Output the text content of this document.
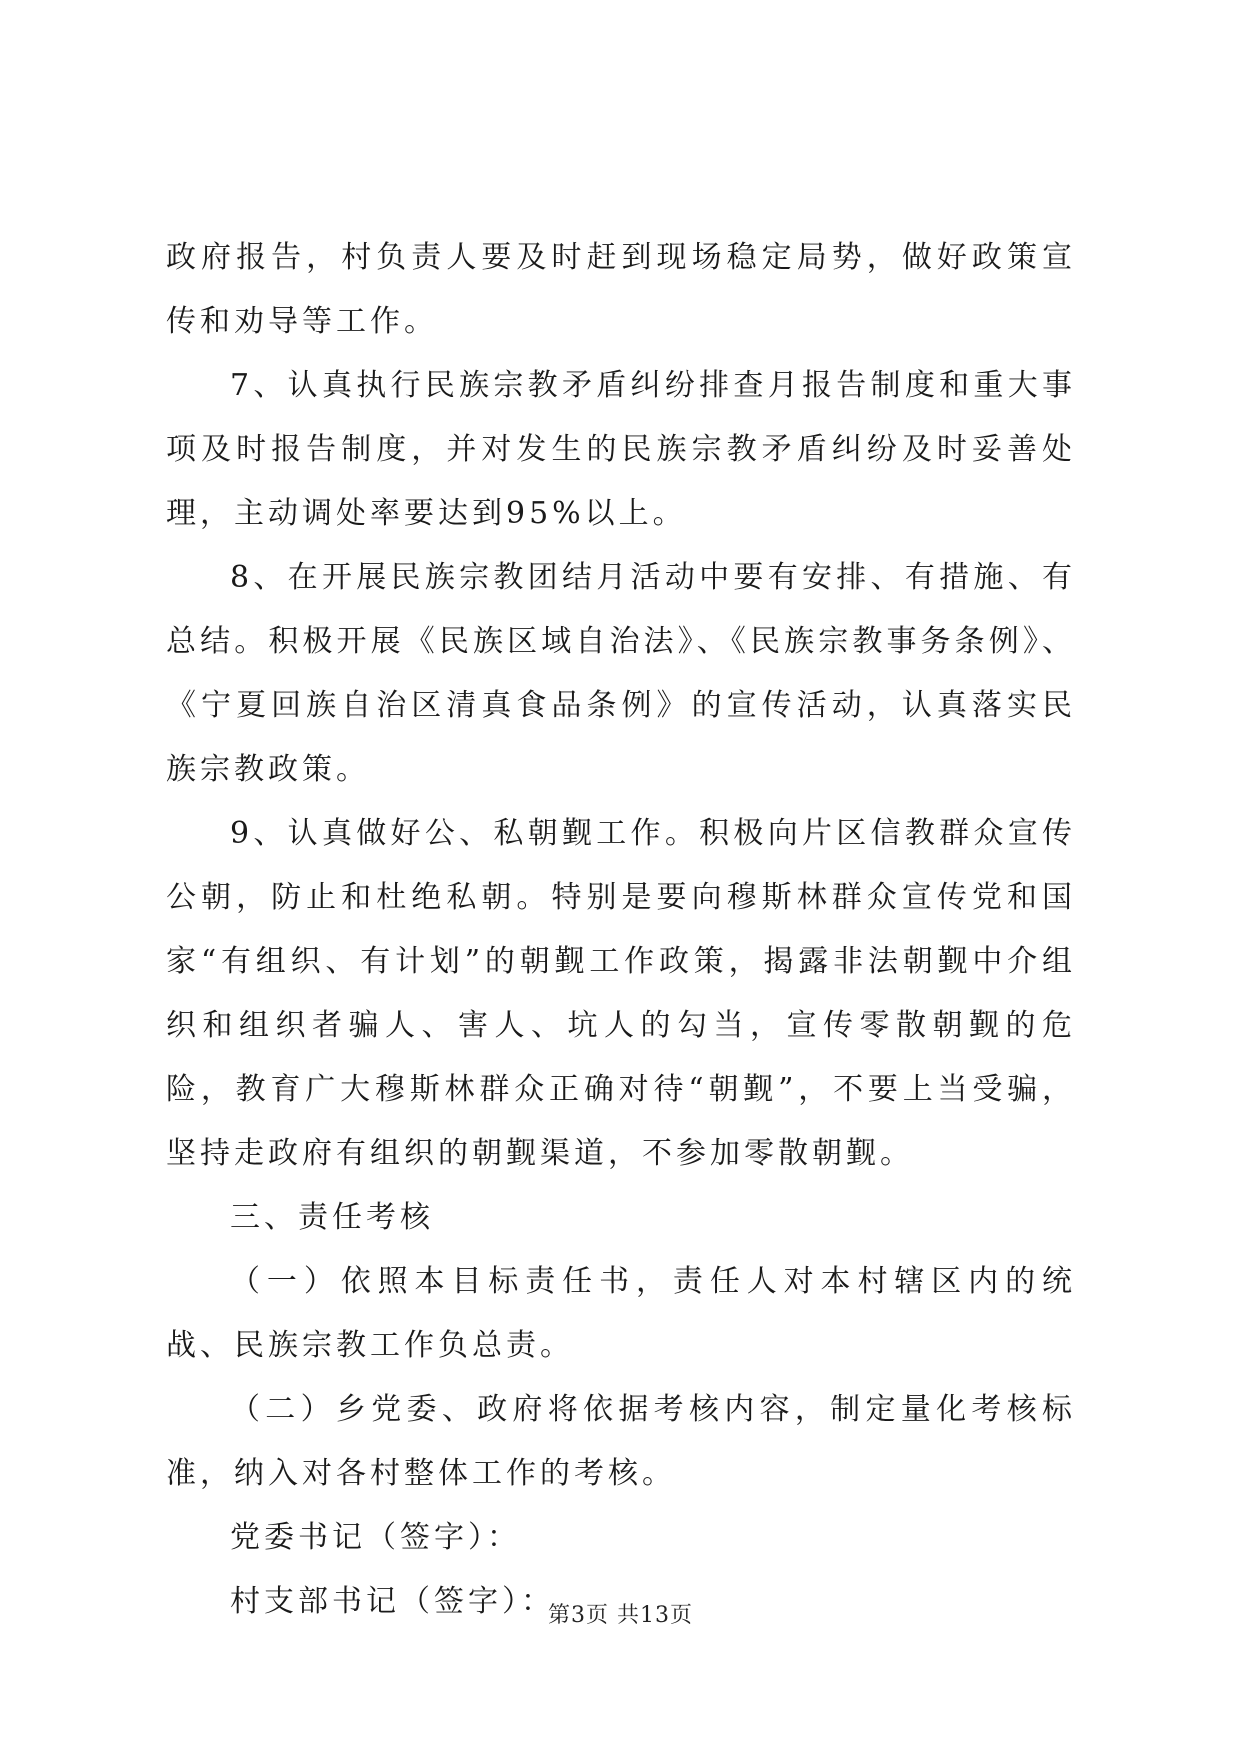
政府报告，村负责人要及时赶到现场稳定局势，做好政策宣传和劝导等工作。

7、认真执行民族宗教矛盾纠纷排查月报告制度和重大事项及时报告制度，并对发生的民族宗教矛盾纠纷及时妥善处理，主动调处率要达到95%以上。

8、在开展民族宗教团结月活动中要有安排、有措施、有总结。积极开展《民族区域自治法》、《民族宗教事务条例》、《宁夏回族自治区清真食品条例》的宣传活动，认真落实民族宗教政策。

9、认真做好公、私朝觐工作。积极向片区信教群众宣传公朝，防止和杜绝私朝。特别是要向穆斯林群众宣传党和国家“有组织、有计划”的朝觐工作政策，揭露非法朝觐中介组织和组织者骗人、害人、坑人的勾当，宣传零散朝觐的危险，教育广大穆斯林群众正确对待“朝觐”，不要上当受骗，坚持走政府有组织的朝觐渠道，不参加零散朝觐。

三、责任考核

（一）依照本目标责任书，责任人对本村辖区内的统战、民族宗教工作负总责。

（二）乡党委、政府将依据考核内容，制定量化考核标准，纳入对各村整体工作的考核。

党委书记（签字）：

村支部书记（签字）：

第3页 共13页
